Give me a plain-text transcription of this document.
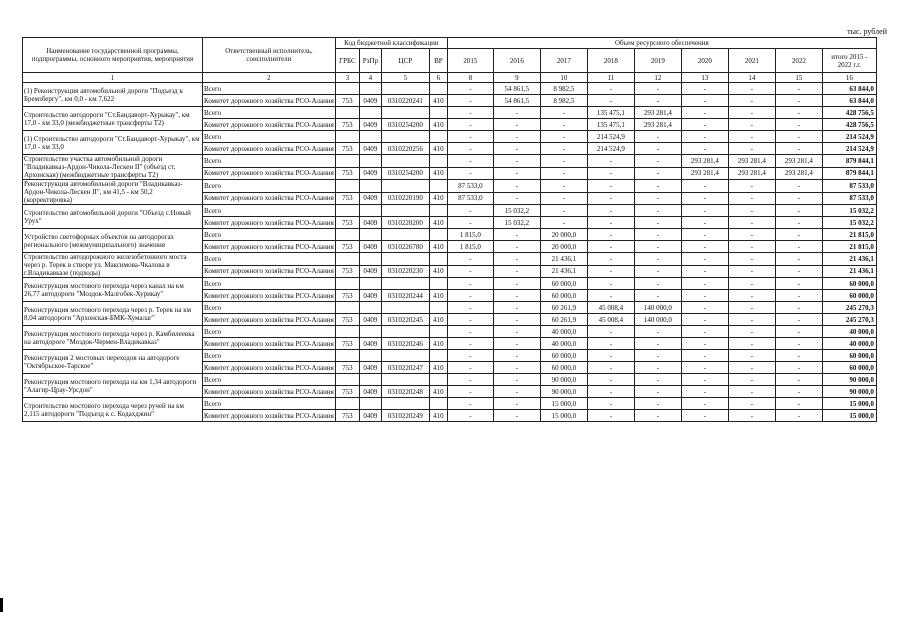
тыс. рублей
Наименование государственной программы, подпрограммы, основного мероприятия, мероприятия	Ответственный исполнитель, соисполнители	Код бюджетной классификации				Объем ресурсного обеспечения								
		ГРБС	РзПр	ЦСР	ВР	2015	2016	2017	2018	2019	2020	2021	2022	итого 2015 - 2022 г.г.
1	2	3	4	5	6	8	9	10	11	12	13	14	15	16
(1) Реконструкция автомобильной дороги "Подъезд к Бремзбергу", км 0,0 - км 7,622	Всего					-	54 861,5	8 982,5	-	-	-	-	-	63 844,0
	Комитет дорожного хозяйства РСО-Алания	753	0409	0310220241	410	-	54 861,5	8 982,5	-	-	-	-	-	63 844,0
Строительство автодороги "Ст.Бандаворт-Хурыкау", км 17,0 - км 33,0 (межбюджетные трансферты Т2)	Всего					-	-	-	135 475,1	293 281,4	-	-	-	428 756,5
	Комитет дорожного хозяйства РСО-Алания	753	0409	0310254200	410	-	-	-	135 475,1	293 281,4	-	-	-	428 756,5
(1) Строительство автодороги "Ст.Бандаворт-Хурыкау", км 17,0 - км 33,0	Всего					-	-	-	214 524,9	-	-	-	-	214 524,9
	Комитет дорожного хозяйства РСО-Алания	753	0409	0310220256	410	-	-	-	214 524,9	-	-	-	-	214 524,9
Строительство участка автомобильной дороги "Владикавказ-Ардон-Чикола-Лескен II" (объезд ст. Архонская) (межбюджетные трансферты Т2)	Всего					-	-	-	-	-	293 281,4	293 281,4	293 281,4	879 844,1
	Комитет дорожного хозяйства РСО-Алания	753	0409	0310254200	410	-	-	-	-	-	293 281,4	293 281,4	293 281,4	879 844,1
Реконструкция автомобильной дороги "Владикавказ-Ардон-Чикола-Лескен II", км 41,5 - км 50,2 (корректировка)	Всего					87 533,0	-	-	-	-	-	-	-	87 533,0
	Комитет дорожного хозяйства РСО-Алания	753	0409	0310220190	410	87 533,0	-	-	-	-	-	-	-	87 533,0
Строительство автомобильной дороги "Объезд с.Новый Урух"	Всего					-	15 032,2	-	-	-	-	-	-	15 032,2
	Комитет дорожного хозяйства РСО-Алания	753	0409	0310220200	410	-	15 032,2	-	-	-	-	-	-	15 032,2
Устройство светофорных объектов на автодорогах регионального (межмуниципального) значения	Всего					1 815,0	-	20 000,0	-	-	-	-	-	21 815,0
	Комитет дорожного хозяйства РСО-Алания	753	0409	0310226780	410	1 815,0	-	20 000,0	-	-	-	-	-	21 815,0
Строительство автодорожного железобетонного моста через р. Терек в створе ул. Максимова-Чкалова в г.Владикавказе (подходы)	Всего					-	-	21 436,1	-	-	-	-	-	21 436,1
	Комитет дорожного хозяйства РСО-Алания	753	0409	0310220230	410	-	-	21 436,1	-	-	-	-	-	21 436,1
Реконструкция мостового перехода через канал на км 26,77 автодороги "Моздок-Малгобек-Хурикау"	Всего					-	-	60 000,0	-	-	-	-	-	60 000,0
	Комитет дорожного хозяйства РСО-Алания	753	0409	0310220244	410	-	-	60 000,0	-	-	-	-	-	60 000,0
Реконструкция мостового перехода через р. Терек на км 8,04 автодороги "Архонская-БМК-Хумалаг"	Всего					-	-	60 261,9	45 008,4	140 000,0	-	-	-	245 270,3
	Комитет дорожного хозяйства РСО-Алания	753	0409	0310220245	410	-	-	60 261,9	45 008,4	140 000,0	-	-	-	245 270,3
Реконструкция мостового перехода через р. Камбилеевка на автодороге "Моздок-Чермен-Владикавказ"	Всего					-	-	40 000,0	-	-	-	-	-	40 000,0
	Комитет дорожного хозяйства РСО-Алания	753	0409	0310220246	410	-	-	40 000,0	-	-	-	-	-	40 000,0
Реконструкция 2 мостовых переходов на автодороге "Октябрьское-Тарское"	Всего					-	-	60 000,0	-	-	-	-	-	60 000,0
	Комитет дорожного хозяйства РСО-Алания	753	0409	0310220247	410	-	-	60 000,0	-	-	-	-	-	60 000,0
Реконструкция мостового перехода на км 1,34 автодороги "Алагир-Црау-Урсдон"	Всего					-	-	90 000,0	-	-	-	-	-	90 000,0
	Комитет дорожного хозяйства РСО-Алания	753	0409	0310220248	410	-	-	90 000,0	-	-	-	-	-	90 000,0
Строительство мостового перехода через ручей на км 2,115 автодороги "Подъезд к с. Кодахджин"	Всего					-	-	15 000,0	-	-	-	-	-	15 000,0
	Комитет дорожного хозяйства РСО-Алания	753	0409	0310220249	410	-	-	15 000,0	-	-	-	-	-	15 000,0
